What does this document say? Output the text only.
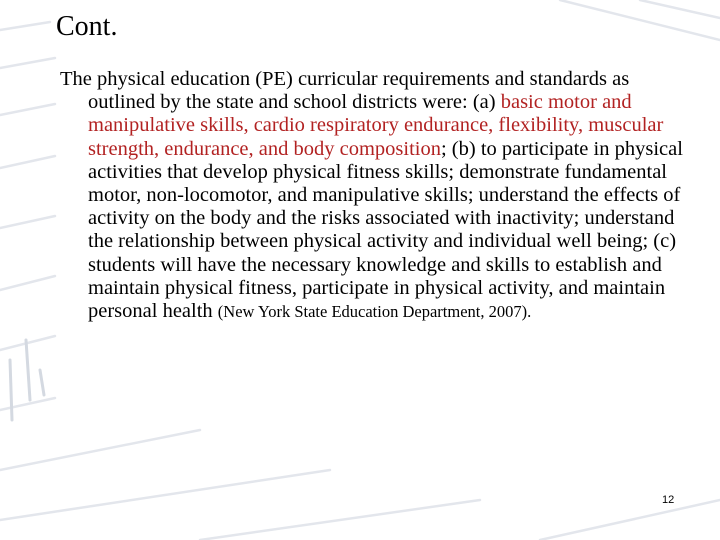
Cont.
The physical education (PE) curricular requirements and standards as outlined by the state and school districts were: (a) basic motor and manipulative skills, cardio respiratory endurance, flexibility, muscular strength, endurance, and body composition; (b) to participate in physical activities that develop physical fitness skills; demonstrate fundamental motor, non-locomotor, and manipulative skills; understand the effects of activity on the body and the risks associated with inactivity; understand the relationship between physical activity and individual well being; (c) students will have the necessary knowledge and skills to establish and maintain physical fitness, participate in physical activity, and maintain personal health (New York State Education Department, 2007).
12
